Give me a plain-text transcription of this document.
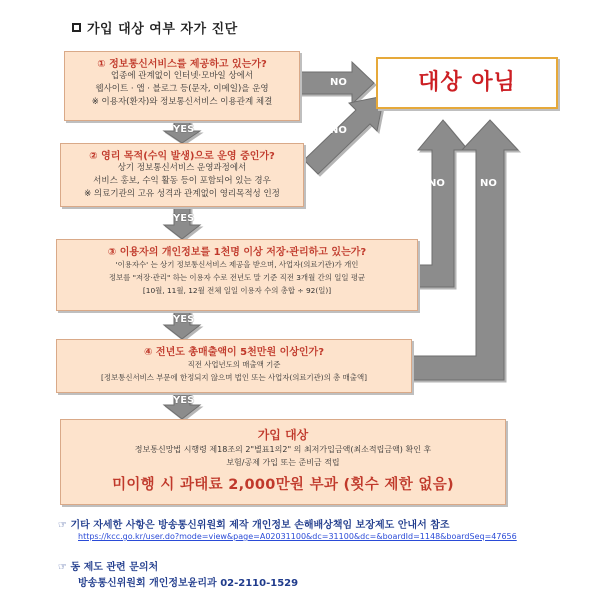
가입 대상 여부 자가 진단
① 정보통신서비스를 제공하고 있는가?
업종에 관계없이 인터넷·모바일 상에서
웹사이트 · 앱 · 블로그 등(문자, 이메일)을 운영
※ 이용자(환자)와 정보통신서비스 이용관계 체결
② 영리 목적(수익 발생)으로 운영 중인가?
상기 정보통신서비스 운영과정에서
서비스 홍보, 수익 활동 등이 포함되어 있는 경우
※ 의료기관의 고유 성격과 관계없이 영리목적성 인정
③ 이용자의 개인정보를 1천명 이상 저장·관리하고 있는가?
'이용자수' 는 상기 정보통신서비스 제공을 받으며, 사업자(의료기관)가 개인
정보를 "저장·관리" 하는 이용자 수로 전년도 말 기준 직전 3개월 간의 일일 평균
[10월, 11월, 12월 전체 일일 이용자 수의 총합 ÷ 92(일)]
④ 전년도 총매출액이 5천만원 이상인가?
직전 사업년도의 매출액 기준
[정보통신서비스 부문에 한정되지 않으며 법인 또는 사업자(의료기관)의 총 매출액]
가입 대상
정보통신망법 시행령 제18조의 2"별표1의2" 의 최저가입금액(최소적립금액) 확인 후
보험/공제 가입 또는 준비금 적립
미이행 시 과태료 2,000만원 부과 (횟수 제한 없음)
대상 아님
YES
YES
YES
YES
NO
NO
NO	NO
☞ 기타 자세한 사항은 방송통신위원회 제작 개인정보 손해배상책임 보장제도 안내서 참조
https://kcc.go.kr/user.do?mode=view&page=A02031100&dc=31100&dc=&boardId=1148&boardSeq=47656
☞ 동 제도 관련 문의처
방송통신위원회 개인정보윤리과 02-2110-1529
